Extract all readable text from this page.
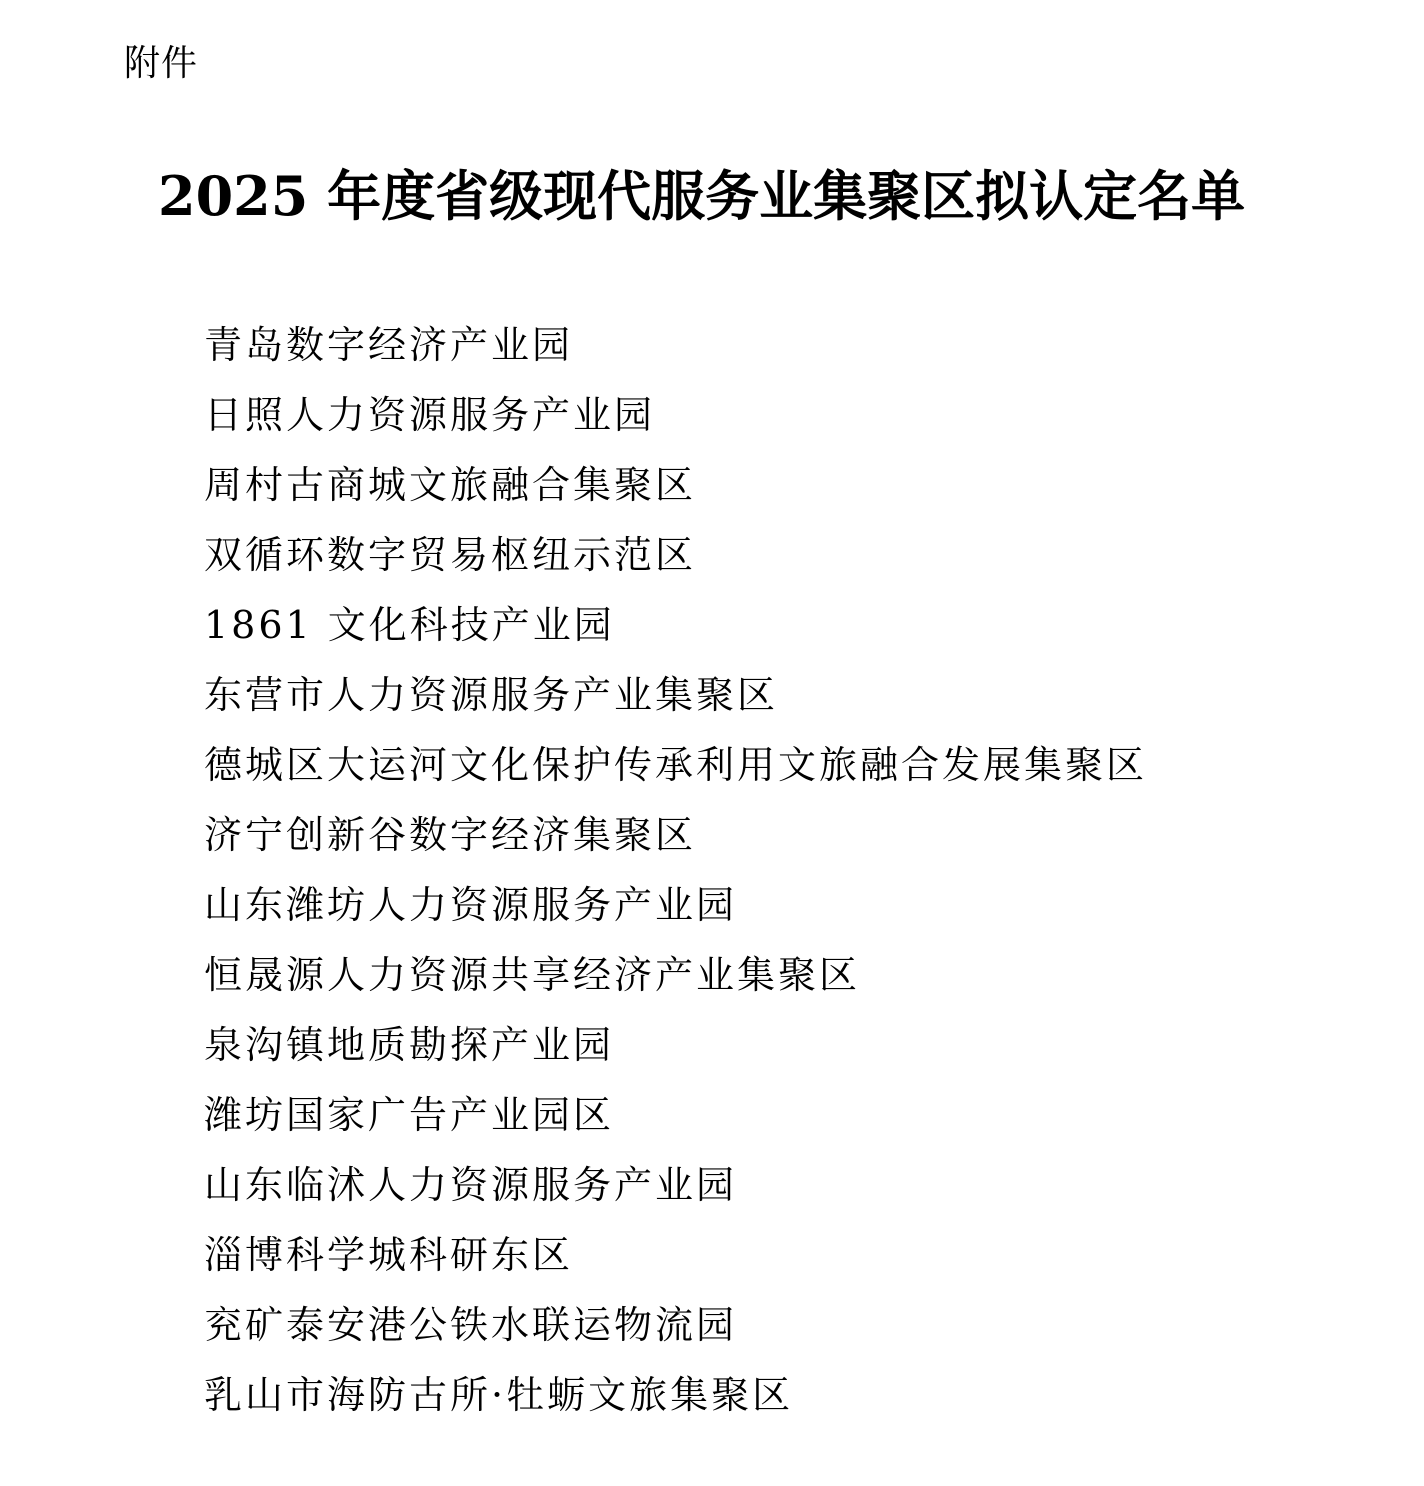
附件
2025 年度省级现代服务业集聚区拟认定名单
青岛数字经济产业园
日照人力资源服务产业园
周村古商城文旅融合集聚区
双循环数字贸易枢纽示范区
1861 文化科技产业园
东营市人力资源服务产业集聚区
德城区大运河文化保护传承利用文旅融合发展集聚区
济宁创新谷数字经济集聚区
山东潍坊人力资源服务产业园
恒晟源人力资源共享经济产业集聚区
泉沟镇地质勘探产业园
潍坊国家广告产业园区
山东临沭人力资源服务产业园
淄博科学城科研东区
兖矿泰安港公铁水联运物流园
乳山市海防古所·牡蛎文旅集聚区
